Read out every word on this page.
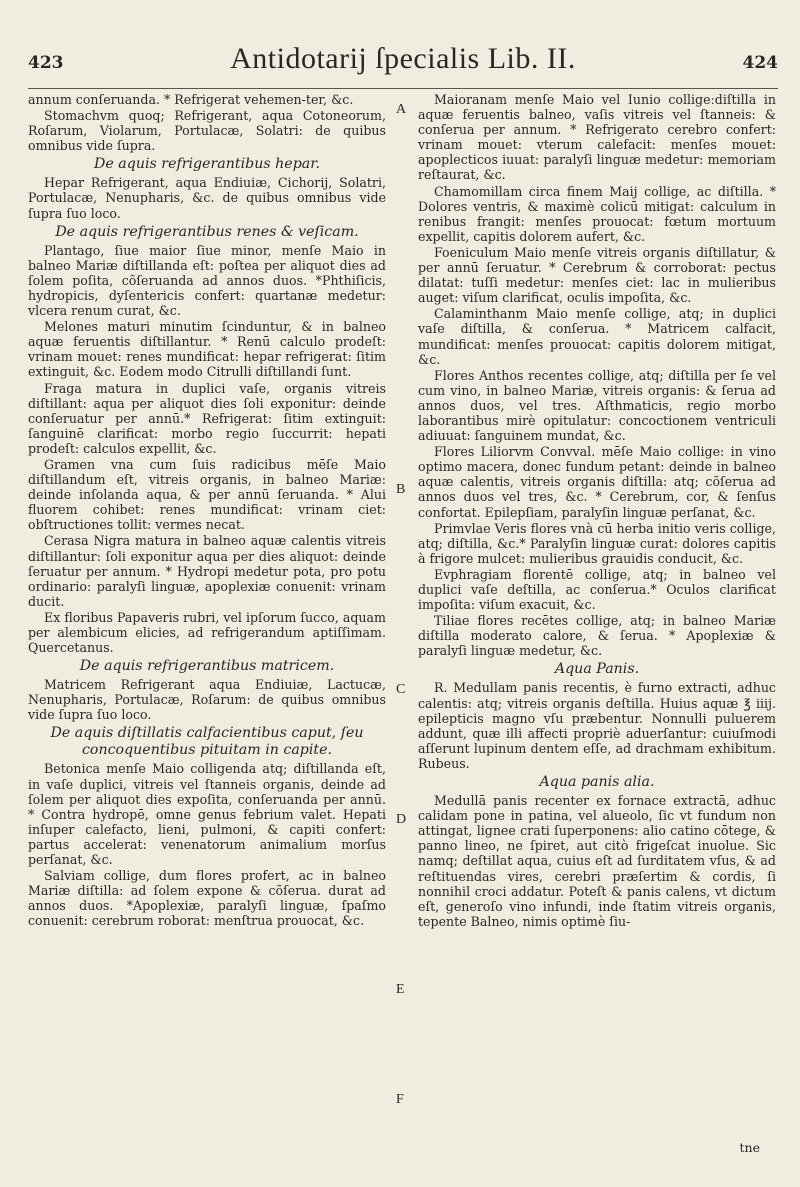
423	Antidotarij ſpecialis Lib. II.	424

annum conſeruanda. * Refrigerat vehemen-ter, &c.

Stomachvm quoq; Refrigerant, aqua Cotoneorum, Roſarum, Violarum, Portulacæ, Solatri: de quibus omnibus vide ſupra.

De aquis refrigerantibus hepar.

Hepar Refrigerant, aqua Endiuiæ, Cichorij, Solatri, Portulacæ, Nenupharis, &c. de quibus omnibus vide ſupra ſuo loco.

De aquis refrigerantibus renes & veſicam.

Plantago, ſiue maior ſiue minor, menſe Maio in balneo Mariæ diſtillanda eſt: poſtea per aliquot dies ad ſolem poſita, cõſeruanda ad annos duos. *Phthiſicis, hydropicis, dyſentericis confert: quartanæ medetur: vlcera renum curat, &c.

Melones maturi minutim ſcinduntur, & in balneo aquæ feruentis diſtillantur. * Renū calculo prodeſt: vrinam mouet: renes mundificat: hepar refrigerat: ſitim extinguit, &c. Eodem modo Citrulli diſtillandi ſunt.

Fraga matura in duplici vaſe, organis vitreis diſtillant: aqua per aliquot dies ſoli exponitur: deinde conſeruatur per annū.* Refrigerat: ſitim extinguit: ſanguinē clarificat: morbo regio ſuccurrit: hepati prodeſt: calculos expellit, &c.

Gramen vna cum ſuis radicibus mēſe Maio diſtillandum eſt, vitreis organis, in balneo Mariæ: deinde inſolanda aqua, & per annū ſeruanda. * Alui fluorem cohibet: renes mundificat: vrinam ciet: obſtructiones tollit: vermes necat.

Cerasa Nigra matura in balneo aquæ calentis vitreis diſtillantur: ſoli exponitur aqua per dies aliquot: deinde ſeruatur per annum. * Hydropi medetur pota, pro potu ordinario: paralyſi linguæ, apoplexiæ conuenit: vrinam ducit.

Ex floribus Papaveris rubri, vel ipſorum ſucco, aquam per alembicum elicies, ad refrigerandum aptiſſimam. Quercetanus.

De aquis refrigerantibus matricem.

Matricem Refrigerant aqua Endiuiæ, Lactucæ, Nenupharis, Portulacæ, Roſarum: de quibus omnibus vide ſupra ſuo loco.

De aquis diſtillatis calfacientibus caput, ſeu concoquentibus pituitam in capite.

Betonica menſe Maio colligenda atq; diſtillanda eſt, in vaſe duplici, vitreis vel ſtanneis organis, deinde ad ſolem per aliquot dies expoſita, conſeruanda per annū. * Contra hydropē, omne genus febrium valet. Hepati inſuper calefacto, lieni, pulmoni, & capiti confert: partus accelerat: venenatorum animalium morſus perſanat, &c.

Salviam collige, dum flores profert, ac in balneo Mariæ diſtilla: ad ſolem expone & cõſerua. durat ad annos duos. *Apoplexiæ, paralyſi linguæ, ſpaſmo conuenit: cerebrum roborat: menſtrua prouocat, &c.

A
B
C
D
E
F

Maioranam menſe Maio vel Iunio colligeːdiſtilla in aquæ feruentis balneo, vaſis vitreis vel ſtanneis: & conſerua per annum. * Refrigerato cerebro confert: vrinam mouet: vterum calefacit: menſes mouet: apoplecticos iuuat: paralyſi linguæ medetur: memoriam reſtaurat, &c.

Chamomillam circa finem Maij collige, ac diſtilla. * Dolores ventris, & maximè colicū mitigat: calculum in renibus frangit: menſes prouocat: fœtum mortuum expellit, capitis dolorem aufert, &c.

Foeniculum Maio menſe vitreis organis diſtillatur, & per annū ſeruatur. * Cerebrum & corroborat: pectus dilatat: tuſſi medetur: menſes ciet: lac in mulieribus auget: viſum clarificat, oculis impoſita, &c.

Calaminthanm Maio menſe collige, atq; in duplici vaſe diſtilla, & conſerua. * Matricem calfacit, mundificat: menſes prouocat: capitis dolorem mitigat, &c.

Flores Anthos recentes collige, atq; diſtilla per ſe vel cum vino, in balneo Mariæ, vitreis organis: & ſerua ad annos duos, vel tres. Aſthmaticis, regio morbo laborantibus mirè opitulatur: concoctionem ventriculi adiuuat: ſanguinem mundat, &c.

Flores Liliorvm Convval. mēſe Maio collige: in vino optimo macera, donec fundum petant: deinde in balneo aquæ calentis, vitreis organis diſtilla: atq; cõſerua ad annos duos vel tres, &c. * Cerebrum, cor, & ſenſus confortat. Epilepſiam, paralyſin linguæ perſanat, &c.

Primvlae Veris flores vnà cū herba initio veris collige, atq; diſtilla, &c.* Paralyſin linguæ curat: dolores capitis à frigore mulcet: mulieribus grauidis conducit, &c.

Evphragiam florentē collige, atq; in balneo vel duplici vaſe deſtilla, ac conſerua.* Oculos clarificat impoſita: viſum exacuit, &c.

Tiliae flores recētes collige, atq; in balneo Mariæ diſtilla moderato calore, & ſerua. * Apoplexiæ & paralyſi linguæ medetur, &c.

Aqua Panis.

R. Medullam panis recentis, è furno extracti, adhuc calentis: atq; vitreis organis deſtilla. Huius aquæ ℥ iiij. epilepticis magno vſu præbentur. Nonnulli puluerem addunt, quæ illi affecti propriè aduerſantur: cuiuſmodi aſſerunt lupinum dentem eſſe, ad drachmam exhibitum. Rubeus.

Aqua panis alia.

Medullā panis recenter ex fornace extractā, adhuc calidam pone in patina, vel alueolo, ſic vt fundum non attingat, lignee crati ſuperponens: alio catino cōtege, & panno lineo, ne ſpiret, aut citò frigeſcat inuolue. Sic namq; deſtillat aqua, cuius eſt ad ſurditatem vſus, & ad reſtituendas vires, cerebri præſertim & cordis, ſi nonnihil croci addatur. Poteſt & panis calens, vt dictum eſt, generoſo vino infundi, inde ſtatim vitreis organis, tepente Balneo, nimis optimè ſiu-

tne
